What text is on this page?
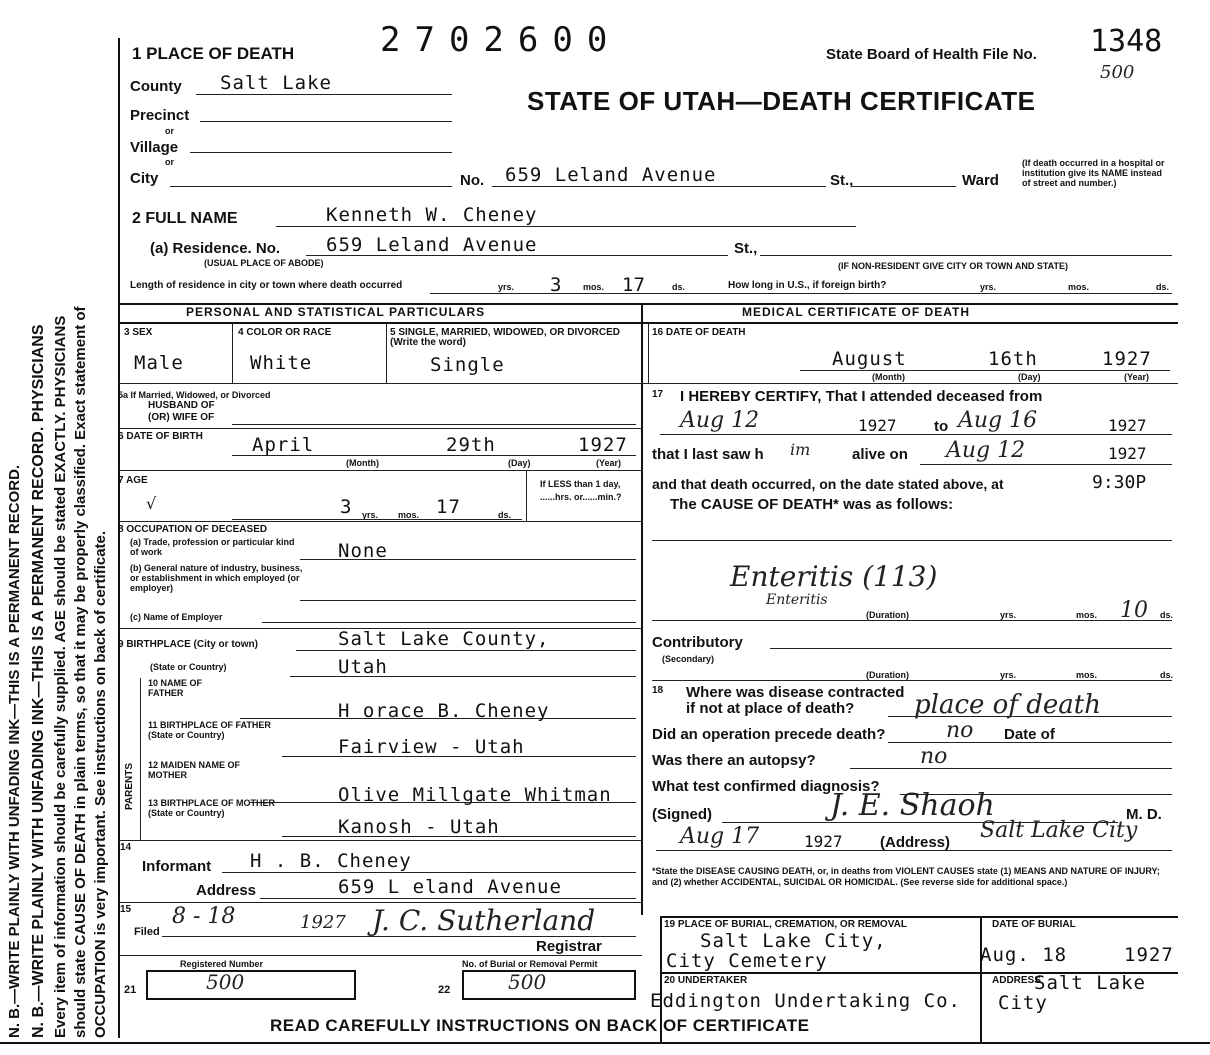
N. B.—WRITE PLAINLY WITH UNFADING INK—THIS IS A PERMANENT RECORD. N. B.—WRITE PLAINLY WITH UNFADING INK—THIS IS A PERMANENT RECORD. PHYSICIANS Every item of information should be carefully supplied. AGE should be stated EXACTLY. PHYSICIANS should state CAUSE OF DEATH in plain terms, so that it may be properly classified. Exact statement of OCCUPATION is very important. See instructions on back of certificate.
1 PLACE OF DEATH	2702600	State Board of Health File No. 1348
500
STATE OF UTAH—DEATH CERTIFICATE
County Salt Lake
Precinct
or
Village
or
City	No. 659 Leland Avenue	St.,	Ward
(If death occurred in a hospital or institution give its NAME instead of street and number.)
2 FULL NAME	Kenneth W. Cheney
(a) Residence. No. 659 Leland Avenue	St.,
(USUAL PLACE OF ABODE)	(IF NON-RESIDENT GIVE CITY OR TOWN AND STATE)
Length of residence in city or town where death occurred	yrs. 3 mos. 17	ds.	How long in U.S., if foreign birth?	yrs.	mos.	ds.
PERSONAL AND STATISTICAL PARTICULARS	MEDICAL CERTIFICATE OF DEATH
3 SEX
Male
4 COLOR OR RACE
White
5 SINGLE, MARRIED, WIDOWED, OR DIVORCED (Write the word)
Single
5a If Married, Widowed, or Divorced
HUSBAND OF
(OR) WIFE OF
6 DATE OF BIRTH	April	29th	1927
(Month)	(Day)	(Year)
7 AGE
√
yrs.
3	mos. 17	ds.
If LESS than 1 day, ......hrs. or......min.?
8 OCCUPATION OF DECEASED
(a) Trade, profession or particular kind of work	None
(b) General nature of industry, business, or establishment in which employed (or employer)
(c) Name of Employer
9 BIRTHPLACE (City or town)	Salt Lake County,
(State or Country)	Utah
PARENTS
10 NAME OF FATHER
H orace B. Cheney
11 BIRTHPLACE OF FATHER (State or Country)
Fairview - Utah
12 MAIDEN NAME OF MOTHER
Olive Millgate Whitman
13 BIRTHPLACE OF MOTHER (State or Country)
Kanosh - Utah
14
Informant H . B. Cheney
Address	659 L eland Avenue
15
Filed
8 - 18	1927 J. C. Sutherland
Registrar
Registered Number	No. of Burial or Removal Permit
21	500	22	500
16 DATE OF DEATH
August	16th	1927
(Month)	(Day)	(Year)
17 I HEREBY CERTIFY, That I attended deceased from
Aug 12	1927 to Aug 16	1927
that I last saw h im	alive on Aug 12	1927
and that death occurred, on the date stated above, at	9:30P
The CAUSE OF DEATH* was as follows:
Enteritis (113)
Enteritis
(Duration)	yrs.	mos. 10 ds.
Contributory
(Secondary)
(Duration)	yrs.	mos.	ds.
18 Where was disease contracted
if not at place of death? place of death
Did an operation precede death?	no Date of
Was there an autopsy?	no
What test confirmed diagnosis?
(Signed)	J. E. Shaoh	M. D.
Aug 17	1927 (Address) Salt Lake City
*State the DISEASE CAUSING DEATH, or, in deaths from VIOLENT CAUSES state (1) MEANS AND NATURE OF INJURY; and (2) whether ACCIDENTAL, SUICIDAL OR HOMICIDAL. (See reverse side for additional space.)
19 PLACE OF BURIAL, CREMATION, OR REMOVAL
Salt Lake City,
City Cemetery
DATE OF BURIAL
Aug. 18	1927
20 UNDERTAKER
Eddington Undertaking Co.
ADDRESS
Salt Lake
City
READ CAREFULLY INSTRUCTIONS ON BACK OF CERTIFICATE
